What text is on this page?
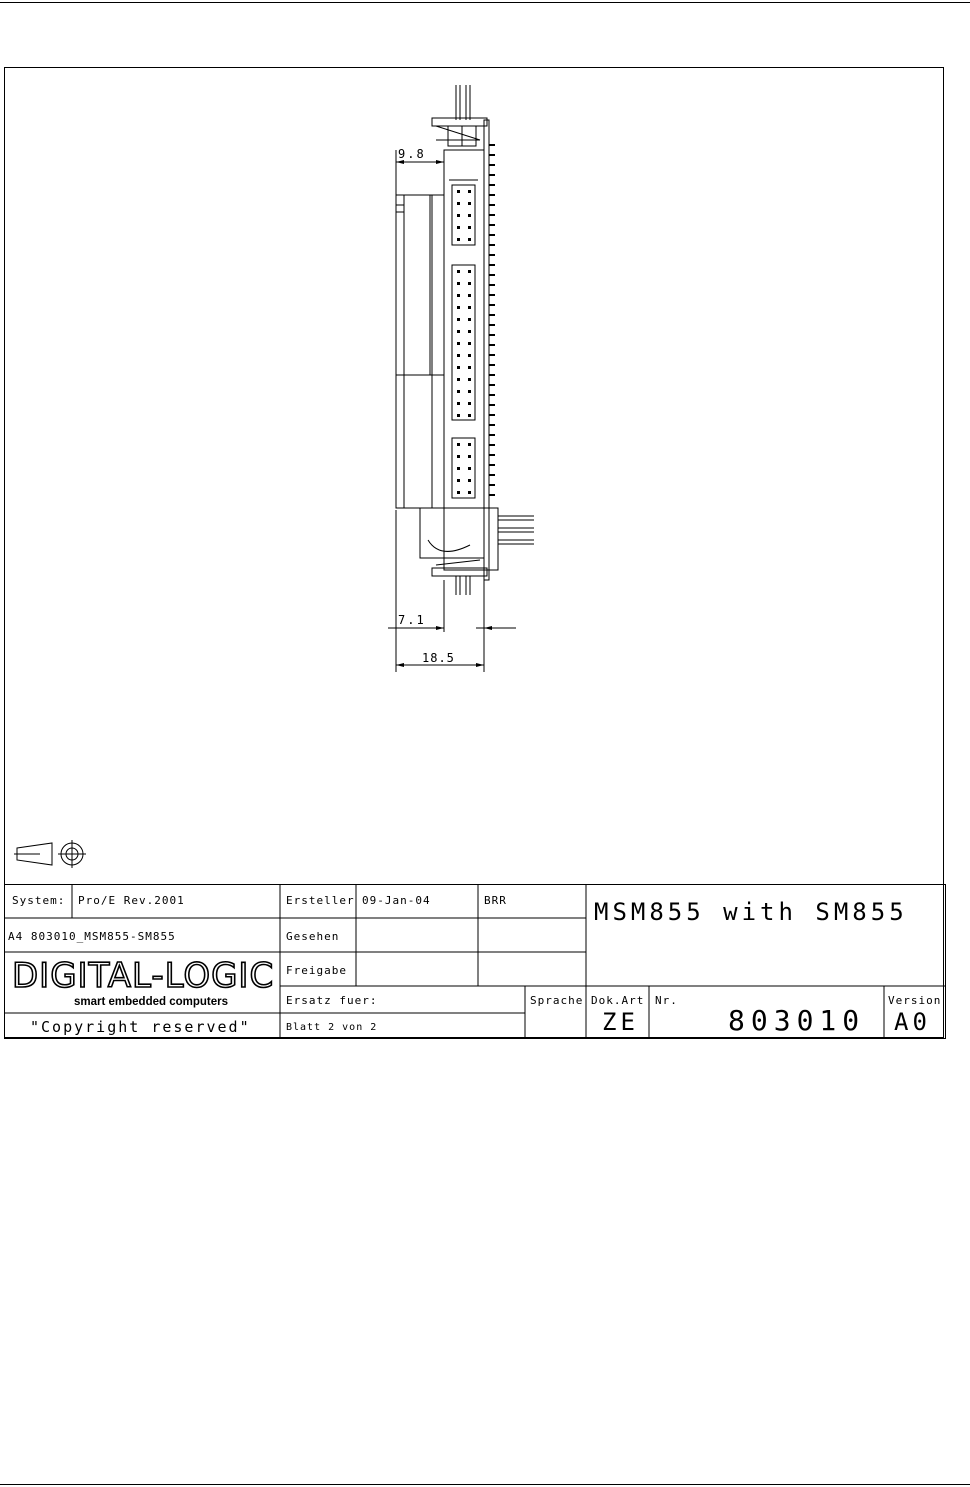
9.8
7.1
18.5
System: Pro/E Rev.2001
A4 803010_MSM855-SM855
DIGITAL-LOGIC
smart embedded computers
"Copyright reserved"
Ersteller 09-Jan-04	BRR
Gesehen
Freigabe
Ersatz fuer:
Blatt 2 von 2
MSM855 with SM855
Sprache Dok.Art
ZE
Nr.
803010
Version
A0
